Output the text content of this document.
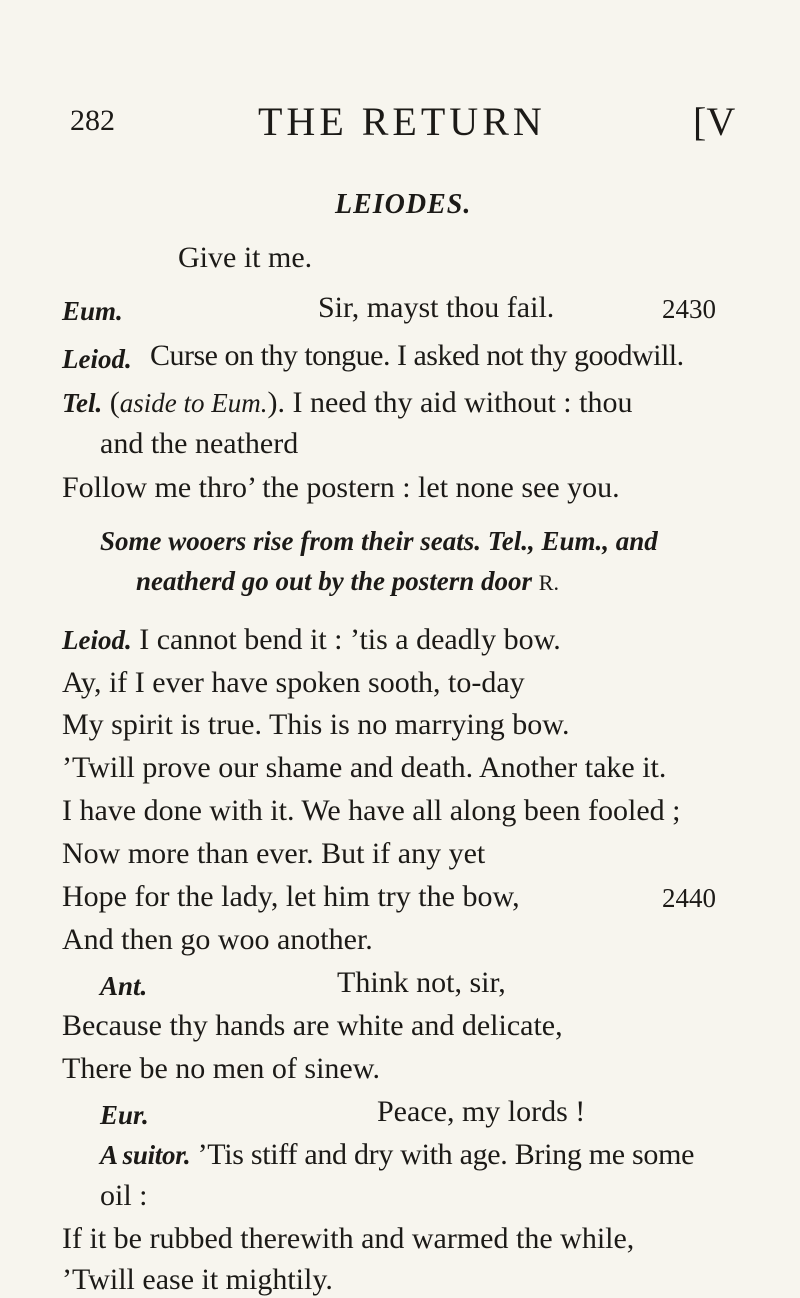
282	THE RETURN	[V
LEIODES.
Give it me.
Eum.	Sir, mayst thou fail.	2430
Leiod. Curse on thy tongue. I asked not thy goodwill.
Tel. (aside to Eum.). I need thy aid without : thou
and the neatherd
Follow me thro’ the postern : let none see you.
Some wooers rise from their seats. Tel., Eum., and
neatherd go out by the postern door R.
Leiod. I cannot bend it : ’tis a deadly bow.
Ay, if I ever have spoken sooth, to-day
My spirit is true. This is no marrying bow.
’Twill prove our shame and death. Another take it.
I have done with it. We have all along been fooled ;
Now more than ever. But if any yet
Hope for the lady, let him try the bow,	2440
And then go woo another.
Ant.	Think not, sir,
Because thy hands are white and delicate,
There be no men of sinew.
Eur.	Peace, my lords !
A suitor. ’Tis stiff and dry with age. Bring me some
oil :
If it be rubbed therewith and warmed the while,
’Twill ease it mightily.
